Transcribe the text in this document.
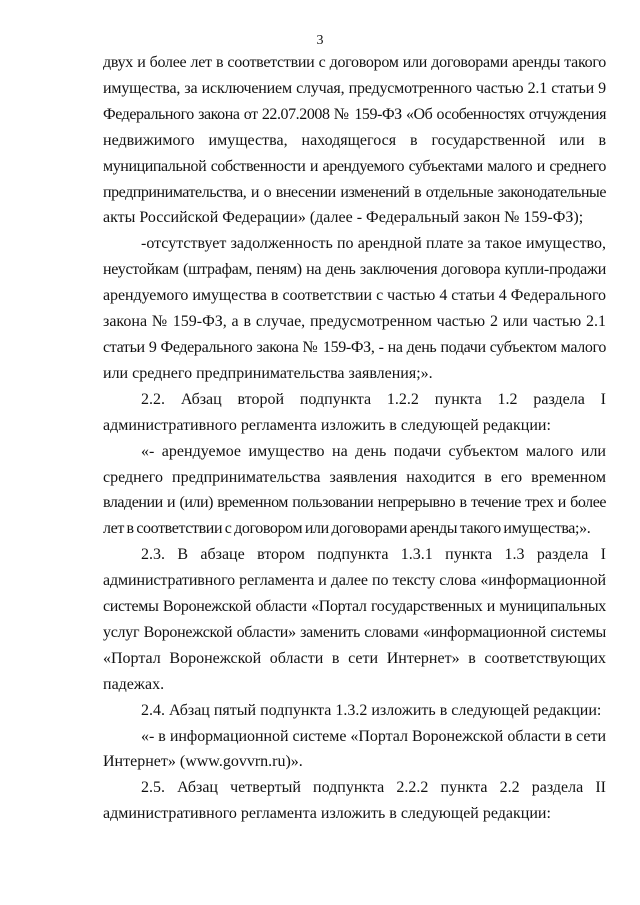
3
двух и более лет в соответствии с договором или договорами аренды такого
имущества, за исключением случая, предусмотренного частью 2.1 статьи 9
Федерального закона от 22.07.2008 № 159-ФЗ «Об особенностях отчуждения
недвижимого имущества, находящегося в государственной или в
муниципальной собственности и арендуемого субъектами малого и среднего
предпринимательства, и о внесении изменений в отдельные законодательные
акты Российской Федерации» (далее - Федеральный закон № 159-ФЗ);
-отсутствует задолженность по арендной плате за такое имущество,
неустойкам (штрафам, пеням) на день заключения договора купли-продажи
арендуемого имущества в соответствии с частью 4 статьи 4 Федерального
закона № 159-ФЗ, а в случае, предусмотренном частью 2 или частью 2.1
статьи 9 Федерального закона № 159-ФЗ, - на день подачи субъектом малого
или среднего предпринимательства заявления;».
2.2. Абзац второй подпункта 1.2.2 пункта 1.2 раздела I
административного регламента изложить в следующей редакции:
«- арендуемое имущество на день подачи субъектом малого или
среднего предпринимательства заявления находится в его временном
владении и (или) временном пользовании непрерывно в течение трех и более
лет в соответствии с договором или договорами аренды такого имущества;».
2.3. В абзаце втором подпункта 1.3.1 пункта 1.3 раздела I
административного регламента и далее по тексту слова «информационной
системы Воронежской области «Портал государственных и муниципальных
услуг Воронежской области» заменить словами «информационной системы
«Портал Воронежской области в сети Интернет» в соответствующих
падежах.
2.4. Абзац пятый подпункта 1.3.2 изложить в следующей редакции:
«- в информационной системе «Портал Воронежской области в сети
Интернет» (www.govvrn.ru)».
2.5. Абзац четвертый подпункта 2.2.2 пункта 2.2 раздела II
административного регламента изложить в следующей редакции:
